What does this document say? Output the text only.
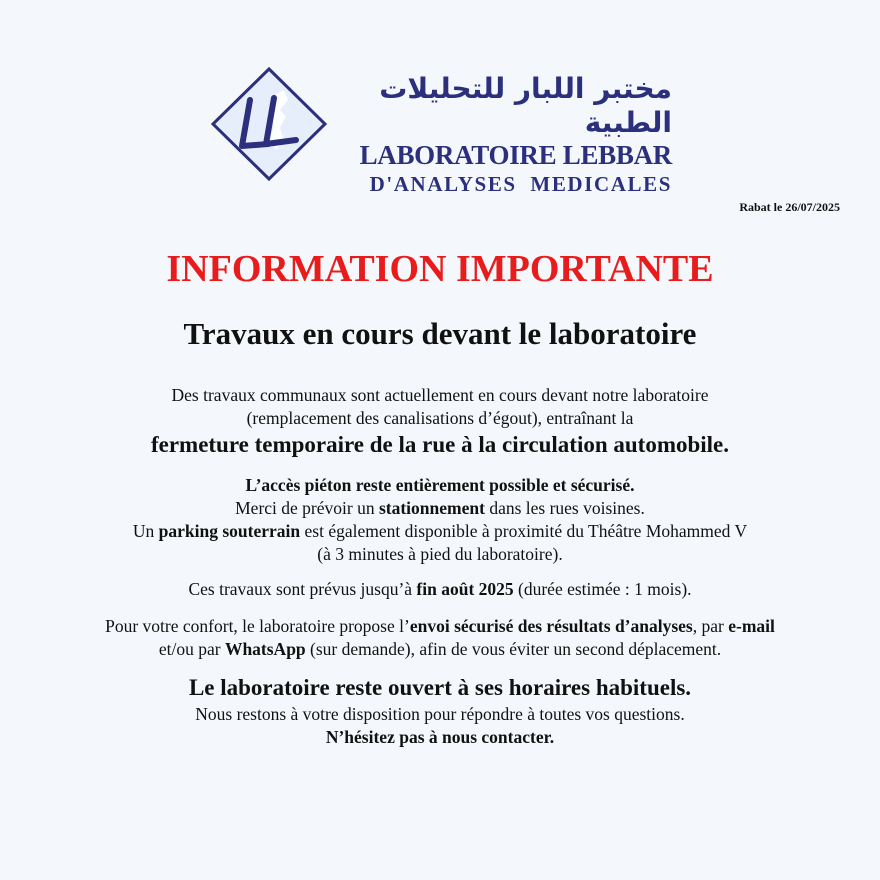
مختبر اللبار للتحليلات الطبية
LABORATOIRE LEBBAR
D'ANALYSES  MEDICALES
Rabat le 26/07/2025
INFORMATION IMPORTANTE
Travaux en cours devant le laboratoire

Des travaux communaux sont actuellement en cours devant notre laboratoire

(remplacement des canalisations d’égout), entraînant la

fermeture temporaire de la rue à la circulation automobile.

L’accès piéton reste entièrement possible et sécurisé.

Merci de prévoir un stationnement dans les rues voisines.

Un parking souterrain est également disponible à proximité du Théâtre Mohammed V

(à 3 minutes à pied du laboratoire).

Ces travaux sont prévus jusqu’à fin août 2025 (durée estimée : 1 mois).

Pour votre confort, le laboratoire propose l’envoi sécurisé des résultats d’analyses, par e-mail

et/ou par WhatsApp (sur demande), afin de vous éviter un second déplacement.

Le laboratoire reste ouvert à ses horaires habituels.

Nous restons à votre disposition pour répondre à toutes vos questions.

N’hésitez pas à nous contacter.
